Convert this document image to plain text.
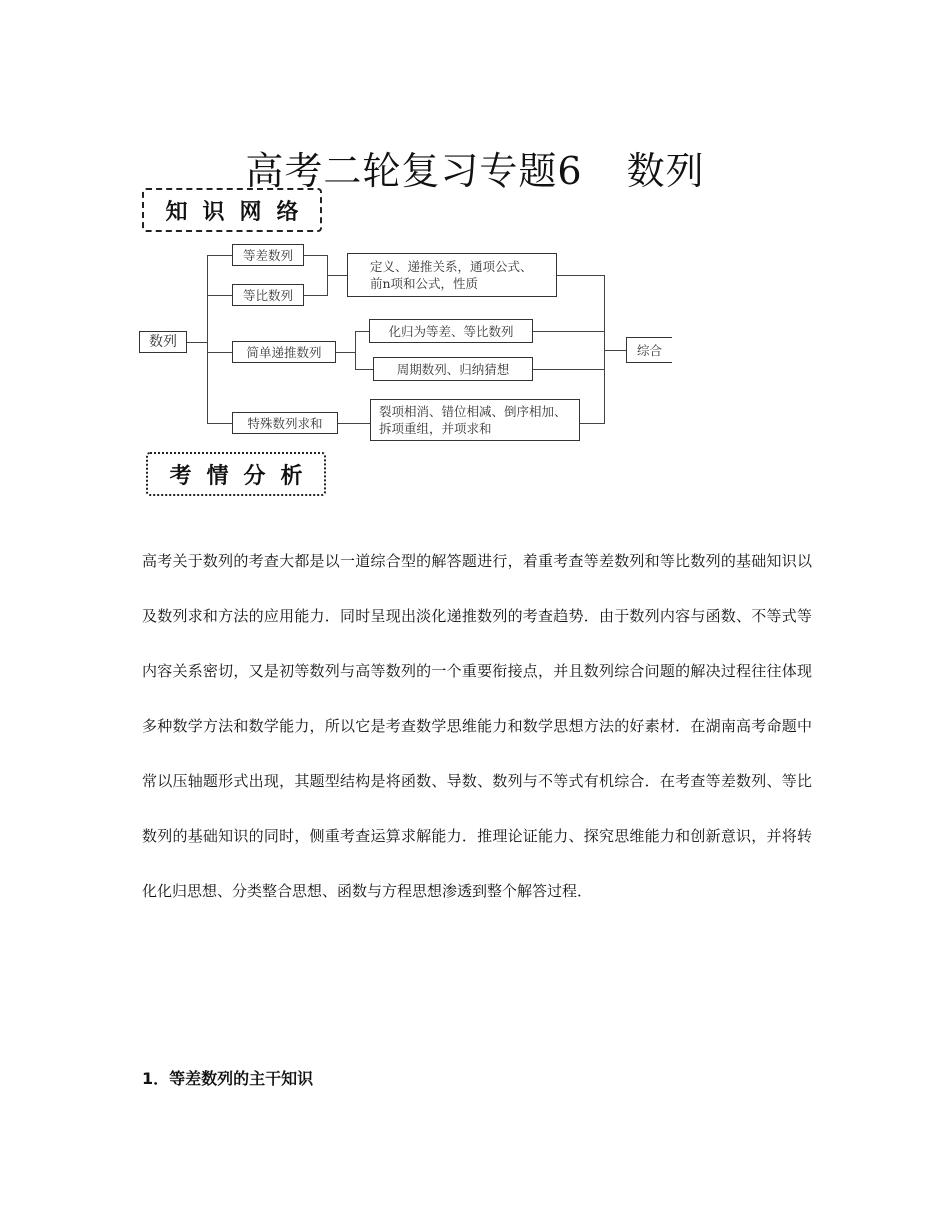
高考二轮复习专题6 数列
知 识 网 络
数列
等差数列
等比数列
简单递推数列
特殊数列求和
定义、递推关系，通项公式、
前n项和公式，性质
化归为等差、等比数列
周期数列、归纳猜想
裂项相消、错位相减、倒序相加、
拆项重组，并项求和
综合
考 情 分 析

高考关于数列的考查大都是以一道综合型的解答题进行，着重考查等差数列和等比数列的基础知识以及数列求和方法的应用能力．同时呈现出淡化递推数列的考查趋势．由于数列内容与函数、不等式等内容关系密切，又是初等数列与高等数列的一个重要衔接点，并且数列综合问题的解决过程往往体现多种数学方法和数学能力，所以它是考查数学思维能力和数学思想方法的好素材．在湖南高考命题中常以压轴题形式出现，其题型结构是将函数、导数、数列与不等式有机综合．在考查等差数列、等比数列的基础知识的同时，侧重考查运算求解能力．推理论证能力、探究思维能力和创新意识，并将转化化归思想、分类整合思想、函数与方程思想渗透到整个解答过程．

1．等差数列的主干知识
